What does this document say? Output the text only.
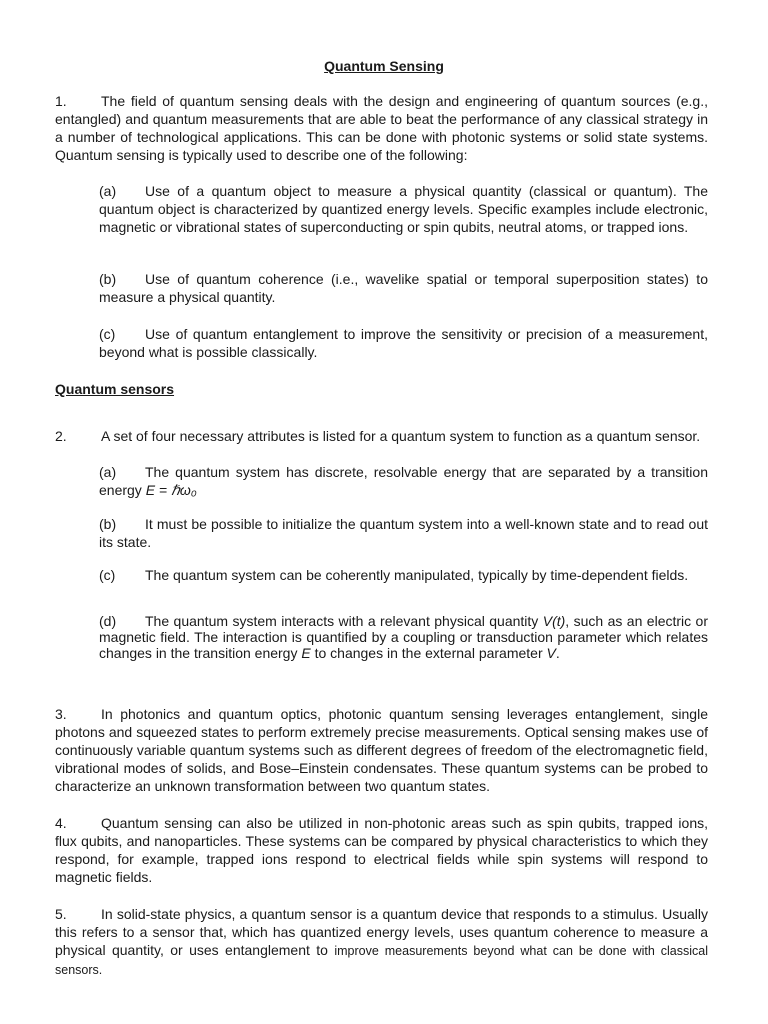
Quantum Sensing

1. The field of quantum sensing deals with the design and engineering of quantum sources (e.g., entangled) and quantum measurements that are able to beat the performance of any classical strategy in a number of technological applications. This can be done with photonic systems or solid state systems. Quantum sensing is typically used to describe one of the following:

(a) Use of a quantum object to measure a physical quantity (classical or quantum). The quantum object is characterized by quantized energy levels. Specific examples include electronic, magnetic or vibrational states of superconducting or spin qubits, neutral atoms, or trapped ions.

(b) Use of quantum coherence (i.e., wavelike spatial or temporal superposition states) to measure a physical quantity.

(c) Use of quantum entanglement to improve the sensitivity or precision of a measurement, beyond what is possible classically.

Quantum sensors

2. A set of four necessary attributes is listed for a quantum system to function as a quantum sensor.

(a) The quantum system has discrete, resolvable energy that are separated by a transition energy E = ℏω₀

(b) It must be possible to initialize the quantum system into a well-known state and to read out its state.

(c) The quantum system can be coherently manipulated, typically by time-dependent fields.

(d) The quantum system interacts with a relevant physical quantity V(t), such as an electric or magnetic field. The interaction is quantified by a coupling or transduction parameter which relates changes in the transition energy E to changes in the external parameter V.

3. In photonics and quantum optics, photonic quantum sensing leverages entanglement, single photons and squeezed states to perform extremely precise measurements. Optical sensing makes use of continuously variable quantum systems such as different degrees of freedom of the electromagnetic field, vibrational modes of solids, and Bose–Einstein condensates. These quantum systems can be probed to characterize an unknown transformation between two quantum states.

4. Quantum sensing can also be utilized in non-photonic areas such as spin qubits, trapped ions, flux qubits, and nanoparticles. These systems can be compared by physical characteristics to which they respond, for example, trapped ions respond to electrical fields while spin systems will respond to magnetic fields.

5. In solid-state physics, a quantum sensor is a quantum device that responds to a stimulus. Usually this refers to a sensor that, which has quantized energy levels, uses quantum coherence to measure a physical quantity, or uses entanglement to improve measurements beyond what can be done with classical sensors.
